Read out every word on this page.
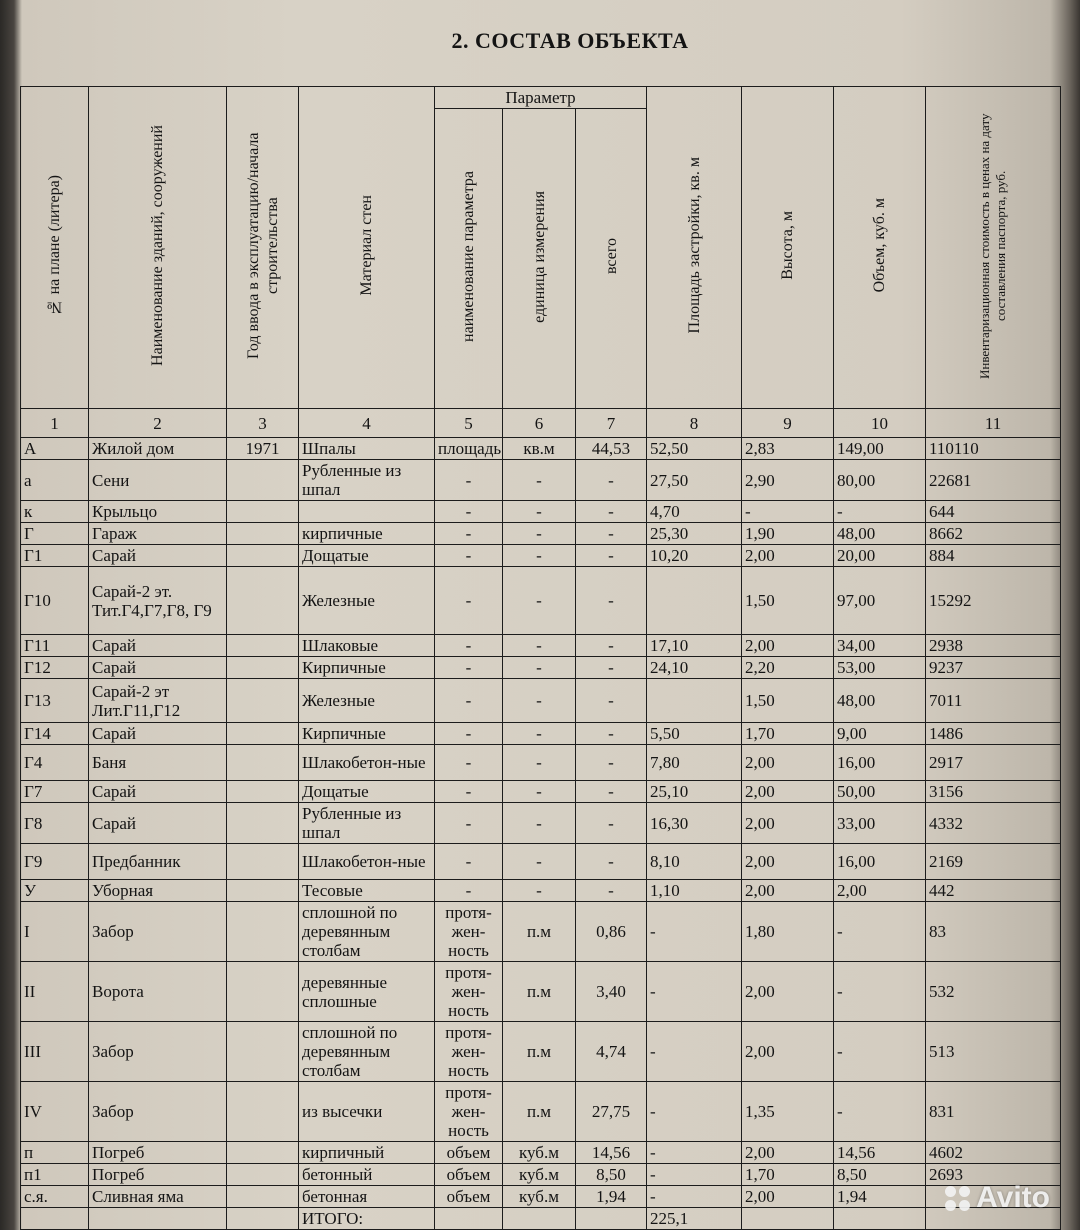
2. СОСТАВ ОБЪЕКТА
№ на плане (литера)	Наименование зданий, сооружений	Год ввода в эксплуатацию/начала строительства	Материал стен	Параметр			Площадь застройки, кв. м	Высота, м	Объем, куб. м	Инвентаризационная стоимость в ценах на дату составления паспорта, руб.
				наименование параметра	единица измерения	всего				
1	2	3	4	5	6	7	8	9	10	11
А	Жилой дом	1971	Шпалы	площадь	кв.м	44,53	52,50	2,83	149,00	110110
а	Сени		Рубленные из шпал	-	-	-	27,50	2,90	80,00	22681
к	Крыльцо			-	-	-	4,70	-	-	644
Г	Гараж		кирпичные	-	-	-	25,30	1,90	48,00	8662
Г1	Сарай		Дощатые	-	-	-	10,20	2,00	20,00	884
Г10	Сарай-2 эт. Тит.Г4,Г7,Г8, Г9		Железные	-	-	-		1,50	97,00	15292
Г11	Сарай		Шлаковые	-	-	-	17,10	2,00	34,00	2938
Г12	Сарай		Кирпичные	-	-	-	24,10	2,20	53,00	9237
Г13	Сарай-2 эт Лит.Г11,Г12		Железные	-	-	-		1,50	48,00	7011
Г14	Сарай		Кирпичные	-	-	-	5,50	1,70	9,00	1486
Г4	Баня		Шлакобетон-ные	-	-	-	7,80	2,00	16,00	2917
Г7	Сарай		Дощатые	-	-	-	25,10	2,00	50,00	3156
Г8	Сарай		Рубленные из шпал	-	-	-	16,30	2,00	33,00	4332
Г9	Предбанник		Шлакобетон-ные	-	-	-	8,10	2,00	16,00	2169
У	Уборная		Тесовые	-	-	-	1,10	2,00	2,00	442
I	Забор		сплошной по деревянным столбам	протя-жен-ность	п.м	0,86	-	1,80	-	83
II	Ворота		деревянные сплошные	протя-жен-ность	п.м	3,40	-	2,00	-	532
III	Забор		сплошной по деревянным столбам	протя-жен-ность	п.м	4,74	-	2,00	-	513
IV	Забор		из высечки	протя-жен-ность	п.м	27,75	-	1,35	-	831
п	Погреб		кирпичный	объем	куб.м	14,56	-	2,00	14,56	4602
п1	Погреб		бетонный	объем	куб.м	8,50	-	1,70	8,50	2693
с.я.	Сливная яма		бетонная	объем	куб.м	1,94	-	2,00	1,94	
			ИТОГО:				225,1			
Avito
